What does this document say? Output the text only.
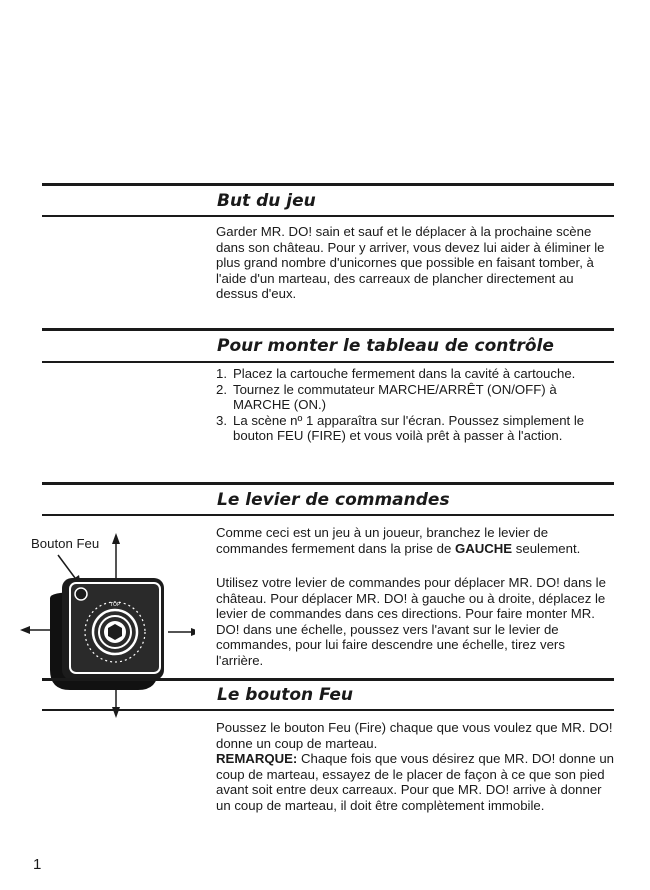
But du jeu

Garder MR. DO! sain et sauf et le déplacer à la prochaine scène dans son château. Pour y arriver, vous devez lui aider à éliminer le plus grand nombre d'unicornes que possible en faisant tomber, à l'aide d'un marteau, des carreaux de plancher directement au dessus d'eux.

Pour monter le tableau de contrôle
1. Placez la cartouche fermement dans la cavité à cartouche.
2. Tournez le commutateur MARCHE/ARRÊT (ON/OFF) à MARCHE (ON.)
3. La scène nº 1 apparaîtra sur l'écran. Poussez simplement le bouton FEU (FIRE) et vous voilà prêt à passer à l'action.
Le levier de commandes

Comme ceci est un jeu à un joueur, branchez le levier de commandes fermement dans la prise de GAUCHE seulement.

Utilisez votre levier de commandes pour déplacer MR. DO! dans le château. Pour déplacer MR. DO! à gauche ou à droite, déplacez le levier de commandes dans ces directions. Pour faire monter MR. DO! dans une échelle, poussez vers l'avant sur le levier de commandes, pour lui faire descendre une échelle, tirez vers l'arrière.

Bouton Feu
TOP
Le bouton Feu

Poussez le bouton Feu (Fire) chaque que vous voulez que MR. DO! donne un coup de marteau.
REMARQUE: Chaque fois que vous désirez que MR. DO! donne un coup de marteau, essayez de le placer de façon à ce que son pied avant soit entre deux carreaux. Pour que MR. DO! arrive à donner un coup de marteau, il doit être complètement immobile.

1
